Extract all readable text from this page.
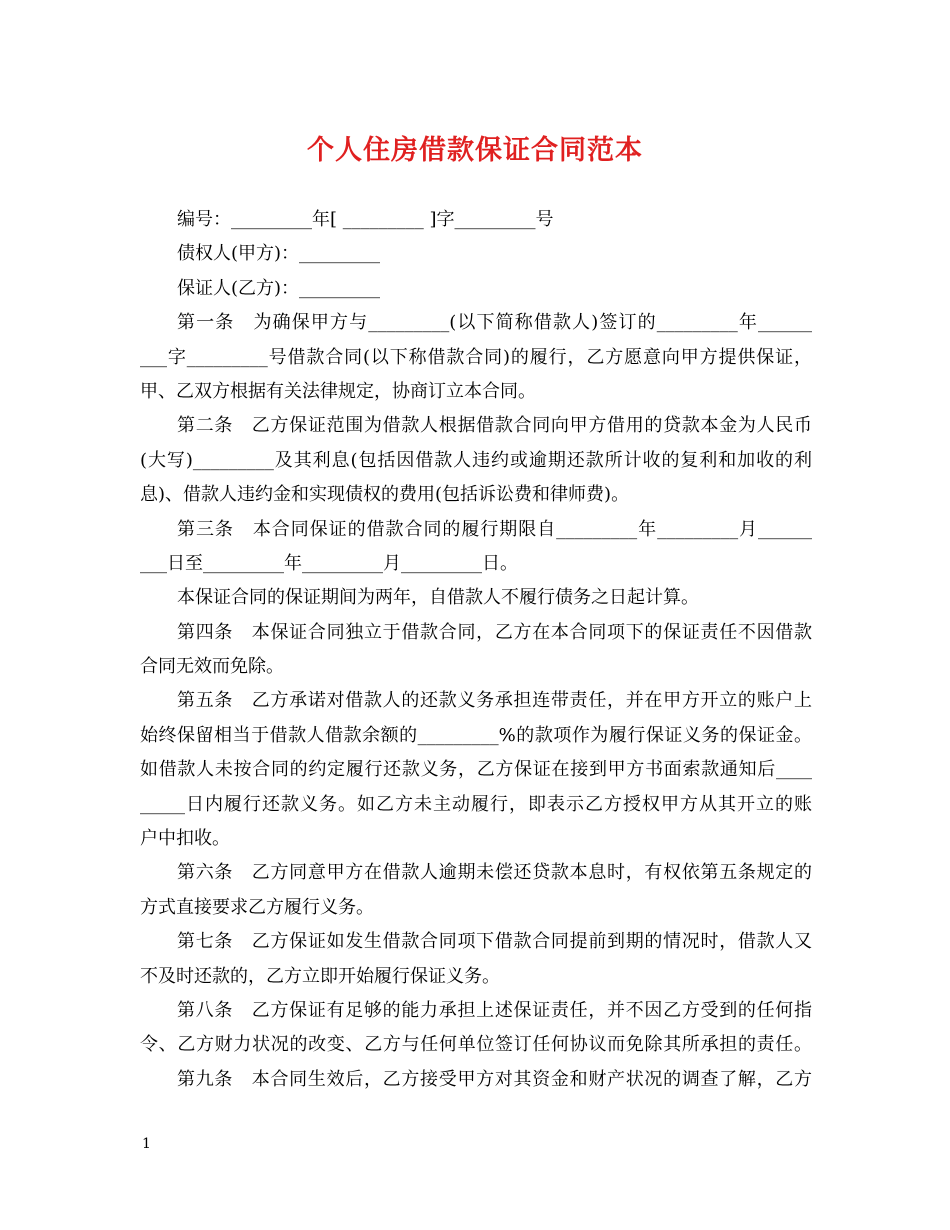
个人住房借款保证合同范本
编号：_________年[ _________ ]字_________号
债权人(甲方)：_________
保证人(乙方)：_________
第一条　为确保甲方与_________(以下简称借款人)签订的_________年______
___字_________号借款合同(以下称借款合同)的履行，乙方愿意向甲方提供保证，
甲、乙双方根据有关法律规定，协商订立本合同。
第二条　乙方保证范围为借款人根据借款合同向甲方借用的贷款本金为人民币
(大写)_________及其利息(包括因借款人违约或逾期还款所计收的复利和加收的利
息)、借款人违约金和实现债权的费用(包括诉讼费和律师费)。
第三条　本合同保证的借款合同的履行期限自_________年_________月______
___日至_________年_________月_________日。
本保证合同的保证期间为两年，自借款人不履行债务之日起计算。
第四条　本保证合同独立于借款合同，乙方在本合同项下的保证责任不因借款
合同无效而免除。
第五条　乙方承诺对借款人的还款义务承担连带责任，并在甲方开立的账户上
始终保留相当于借款人借款余额的_________%的款项作为履行保证义务的保证金。
如借款人未按合同的约定履行还款义务，乙方保证在接到甲方书面索款通知后____
_____日内履行还款义务。如乙方未主动履行，即表示乙方授权甲方从其开立的账
户中扣收。
第六条　乙方同意甲方在借款人逾期未偿还贷款本息时，有权依第五条规定的
方式直接要求乙方履行义务。
第七条　乙方保证如发生借款合同项下借款合同提前到期的情况时，借款人又
不及时还款的，乙方立即开始履行保证义务。
第八条　乙方保证有足够的能力承担上述保证责任，并不因乙方受到的任何指
令、乙方财力状况的改变、乙方与任何单位签订任何协议而免除其所承担的责任。
第九条　本合同生效后，乙方接受甲方对其资金和财产状况的调查了解，乙方
1
